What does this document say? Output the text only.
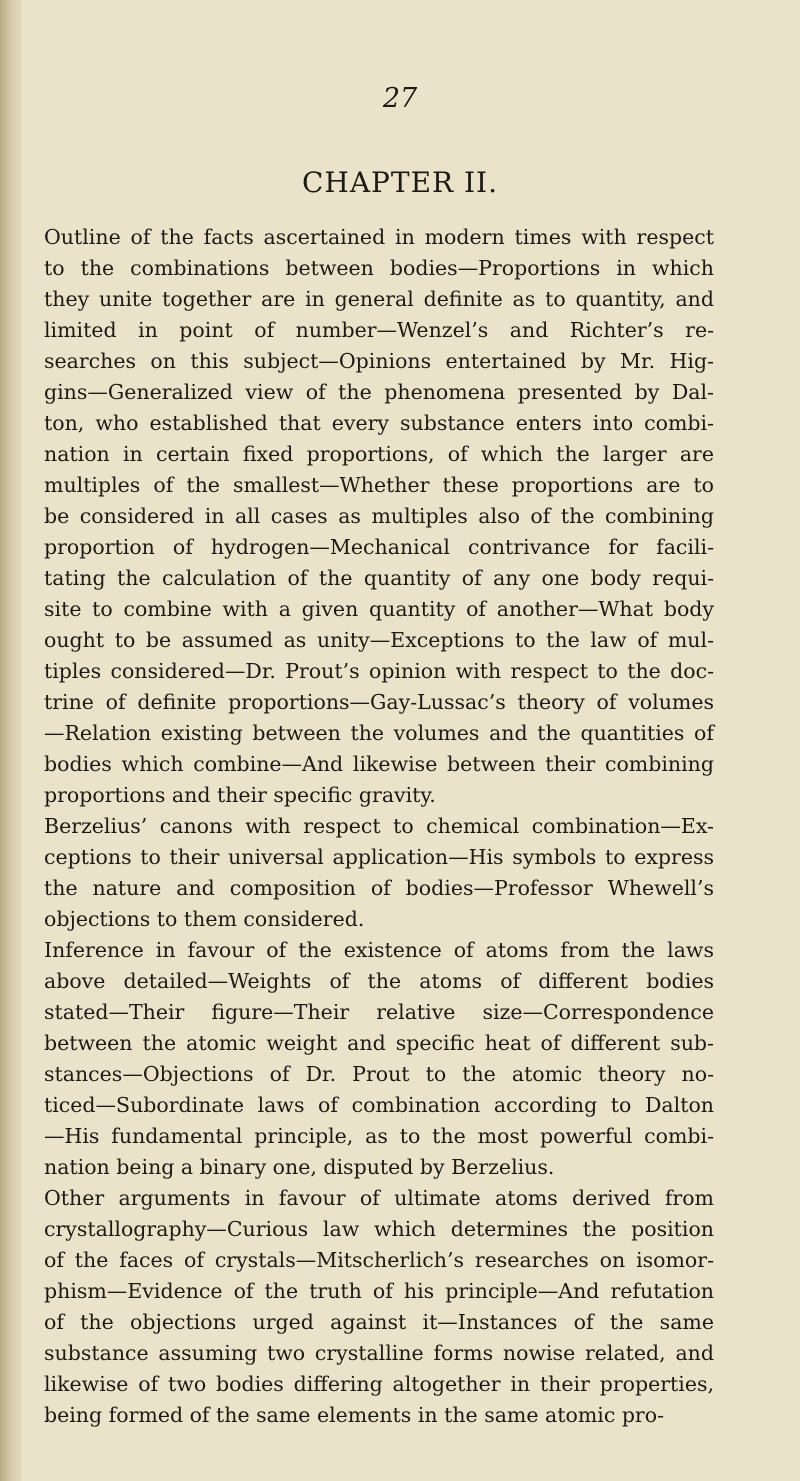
27
CHAPTER II.

Outline of the facts ascertained in modern times with respect
to the combinations between bodies—Proportions in which
they unite together are in general definite as to quantity, and
limited in point of number—Wenzel’s and Richter’s re-
searches on this subject—Opinions entertained by Mr. Hig-
gins—Generalized view of the phenomena presented by Dal-
ton, who established that every substance enters into combi-
nation in certain fixed proportions, of which the larger are
multiples of the smallest—Whether these proportions are to
be considered in all cases as multiples also of the combining
proportion of hydrogen—Mechanical contrivance for facili-
tating the calculation of the quantity of any one body requi-
site to combine with a given quantity of another—What body
ought to be assumed as unity—Exceptions to the law of mul-
tiples considered—Dr. Prout’s opinion with respect to the doc-
trine of definite proportions—Gay-Lussac’s theory of volumes
—Relation existing between the volumes and the quantities of
bodies which combine—And likewise between their combining
proportions and their specific gravity.

Berzelius’ canons with respect to chemical combination—Ex-
ceptions to their universal application—His symbols to express
the nature and composition of bodies—Professor Whewell’s
objections to them considered.

Inference in favour of the existence of atoms from the laws
above detailed—Weights of the atoms of different bodies
stated—Their figure—Their relative size—Correspondence
between the atomic weight and specific heat of different sub-
stances—Objections of Dr. Prout to the atomic theory no-
ticed—Subordinate laws of combination according to Dalton
—His fundamental principle, as to the most powerful combi-
nation being a binary one, disputed by Berzelius.

Other arguments in favour of ultimate atoms derived from
crystallography—Curious law which determines the position
of the faces of crystals—Mitscherlich’s researches on isomor-
phism—Evidence of the truth of his principle—And refutation
of the objections urged against it—Instances of the same
substance assuming two crystalline forms nowise related, and
likewise of two bodies differing altogether in their properties,
being formed of the same elements in the same atomic pro-
